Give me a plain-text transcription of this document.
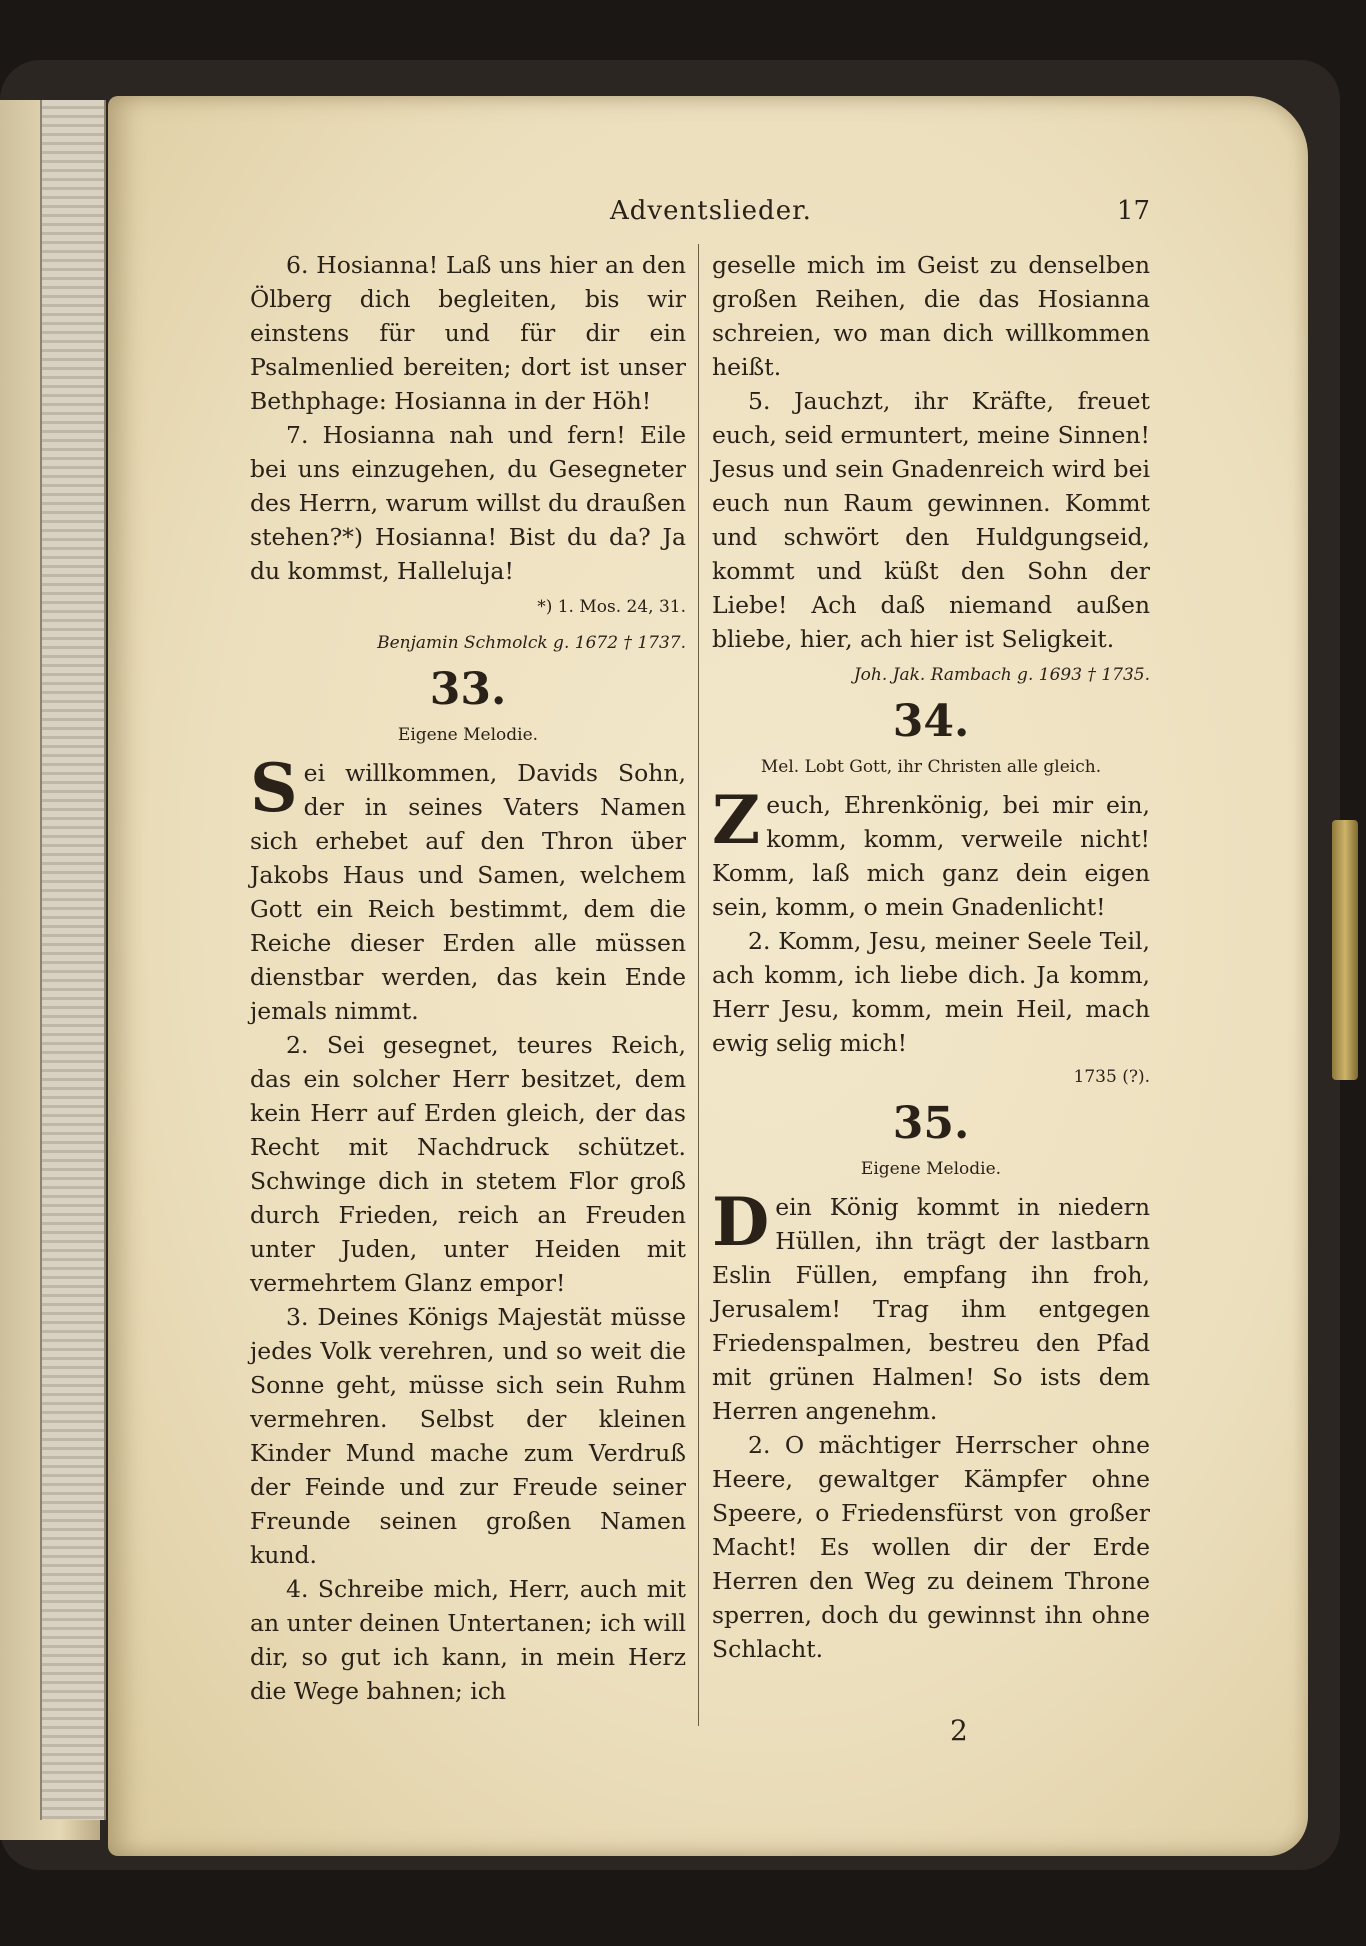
Adventslieder.	17

6. Hosianna! Laß uns hier an den Ölberg dich begleiten, bis wir einstens für und für dir ein Psalmenlied bereiten; dort ist unser Bethphage: Hosianna in der Höh!

7. Hosianna nah und fern! Eile bei uns einzugehen, du Gesegneter des Herrn, warum willst du draußen stehen?*) Hosianna! Bist du da? Ja du kommst, Halleluja!

*) 1. Mos. 24, 31.

Benjamin Schmolck g. 1672 † 1737.

33.

Eigene Melodie.

Sei willkommen, Davids Sohn, der in seines Vaters Namen sich erhebet auf den Thron über Jakobs Haus und Samen, welchem Gott ein Reich bestimmt, dem die Reiche dieser Erden alle müssen dienstbar werden, das kein Ende jemals nimmt.

2. Sei gesegnet, teures Reich, das ein solcher Herr besitzet, dem kein Herr auf Erden gleich, der das Recht mit Nachdruck schützet. Schwinge dich in stetem Flor groß durch Frieden, reich an Freuden unter Juden, unter Heiden mit vermehrtem Glanz empor!

3. Deines Königs Majestät müsse jedes Volk verehren, und so weit die Sonne geht, müsse sich sein Ruhm vermehren. Selbst der kleinen Kinder Mund mache zum Verdruß der Feinde und zur Freude seiner Freunde seinen großen Namen kund.

4. Schreibe mich, Herr, auch mit an unter deinen Untertanen; ich will dir, so gut ich kann, in mein Herz die Wege bahnen; ich

geselle mich im Geist zu denselben großen Reihen, die das Hosianna schreien, wo man dich willkommen heißt.

5. Jauchzt, ihr Kräfte, freuet euch, seid ermuntert, meine Sinnen! Jesus und sein Gnadenreich wird bei euch nun Raum gewinnen. Kommt und schwört den Huldgungseid, kommt und küßt den Sohn der Liebe! Ach daß niemand außen bliebe, hier, ach hier ist Seligkeit.

Joh. Jak. Rambach g. 1693 † 1735.

34.

Mel. Lobt Gott, ihr Christen alle gleich.

Zeuch, Ehrenkönig, bei mir ein, komm, komm, verweile nicht! Komm, laß mich ganz dein eigen sein, komm, o mein Gnadenlicht!

2. Komm, Jesu, meiner Seele Teil, ach komm, ich liebe dich. Ja komm, Herr Jesu, komm, mein Heil, mach ewig selig mich!

1735 (?).

35.

Eigene Melodie.

Dein König kommt in niedern Hüllen, ihn trägt der lastbarn Eslin Füllen, empfang ihn froh, Jerusalem! Trag ihm entgegen Friedenspalmen, bestreu den Pfad mit grünen Halmen! So ists dem Herren angenehm.

2. O mächtiger Herrscher ohne Heere, gewaltger Kämpfer ohne Speere, o Friedensfürst von großer Macht! Es wollen dir der Erde Herren den Weg zu deinem Throne sperren, doch du gewinnst ihn ohne Schlacht.

2
